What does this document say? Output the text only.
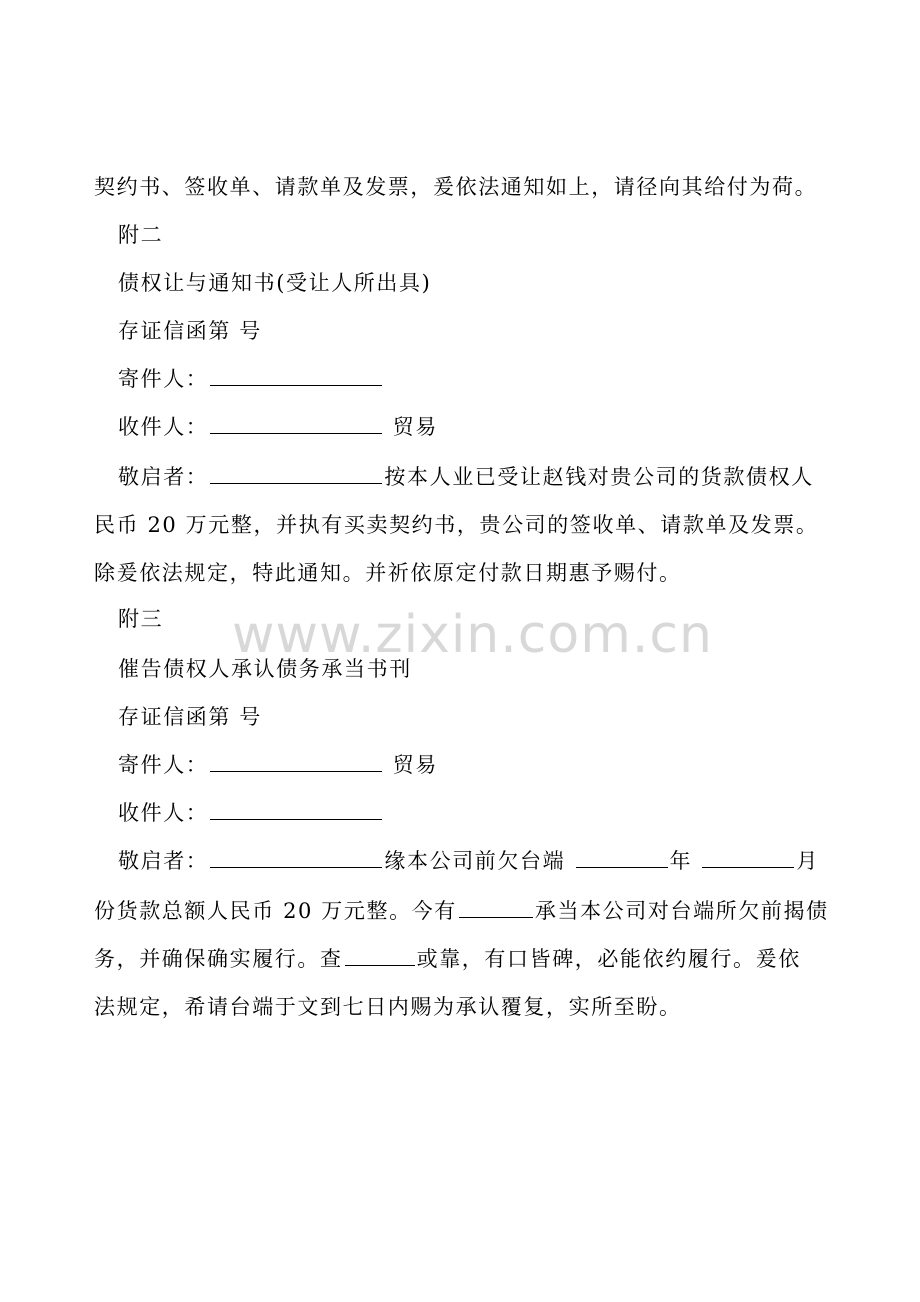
www.zixin.com.cn
契约书、签收单、请款单及发票，爰依法通知如上，请径向其给付为荷。
附二
债权让与通知书(受让人所出具)
存证信函第 号
寄件人：
收件人：	贸易
敬启者：	按本人业已受让赵钱对贵公司的货款债权人
民币 20 万元整，并执有买卖契约书，贵公司的签收单、请款单及发票。
除爰依法规定，特此通知。并祈依原定付款日期惠予赐付。
附三
催告债权人承认债务承当书刊
存证信函第 号
寄件人：	贸易
收件人：
敬启者：	缘本公司前欠台端	年	月
份货款总额人民币 20 万元整。今有	承当本公司对台端所欠前揭债
务，并确保确实履行。查	或靠，有口皆碑，必能依约履行。爰依
法规定，希请台端于文到七日内赐为承认覆复，实所至盼。
